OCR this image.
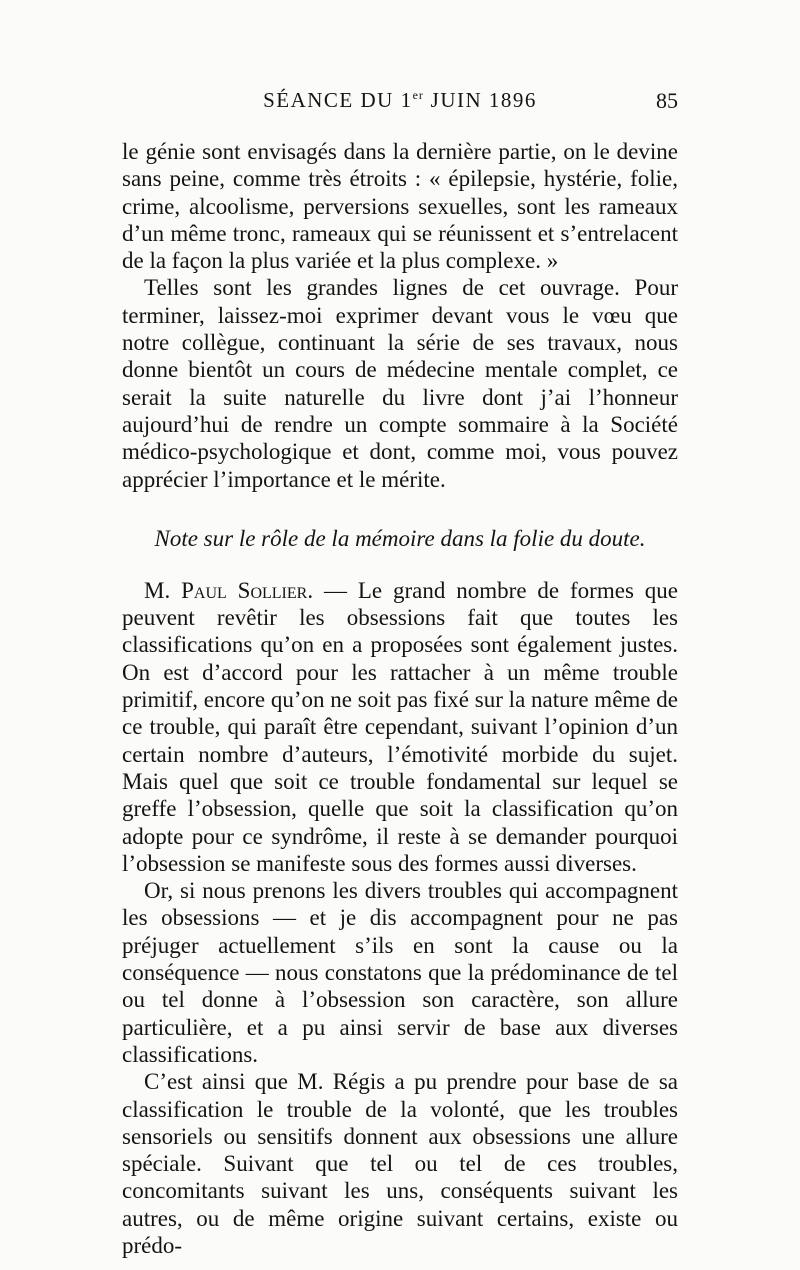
SÉANCE DU 1er JUIN 1896	85

le génie sont envisagés dans la dernière partie, on le devine sans peine, comme très étroits : « épilepsie, hystérie, folie, crime, alcoolisme, perversions sexuelles, sont les rameaux d’un même tronc, rameaux qui se réunissent et s’entrelacent de la façon la plus variée et la plus complexe. »

Telles sont les grandes lignes de cet ouvrage. Pour terminer, laissez-moi exprimer devant vous le vœu que notre collègue, continuant la série de ses travaux, nous donne bientôt un cours de médecine mentale complet, ce serait la suite naturelle du livre dont j’ai l’honneur aujourd’hui de rendre un compte sommaire à la Société médico-psychologique et dont, comme moi, vous pouvez apprécier l’importance et le mérite.

Note sur le rôle de la mémoire dans la folie du doute.

M. Paul Sollier. — Le grand nombre de formes que peuvent revêtir les obsessions fait que toutes les classifications qu’on en a proposées sont également justes. On est d’accord pour les rattacher à un même trouble primitif, encore qu’on ne soit pas fixé sur la nature même de ce trouble, qui paraît être cependant, suivant l’opinion d’un certain nombre d’auteurs, l’émotivité morbide du sujet. Mais quel que soit ce trouble fondamental sur lequel se greffe l’obsession, quelle que soit la classification qu’on adopte pour ce syndrôme, il reste à se demander pourquoi l’obsession se manifeste sous des formes aussi diverses.

Or, si nous prenons les divers troubles qui accompagnent les obsessions — et je dis accompagnent pour ne pas préjuger actuellement s’ils en sont la cause ou la conséquence — nous constatons que la prédominance de tel ou tel donne à l’obsession son caractère, son allure particulière, et a pu ainsi servir de base aux diverses classifications.

C’est ainsi que M. Régis a pu prendre pour base de sa classification le trouble de la volonté, que les troubles sensoriels ou sensitifs donnent aux obsessions une allure spéciale. Suivant que tel ou tel de ces troubles, concomitants suivant les uns, conséquents suivant les autres, ou de même origine suivant certains, existe ou prédo-
